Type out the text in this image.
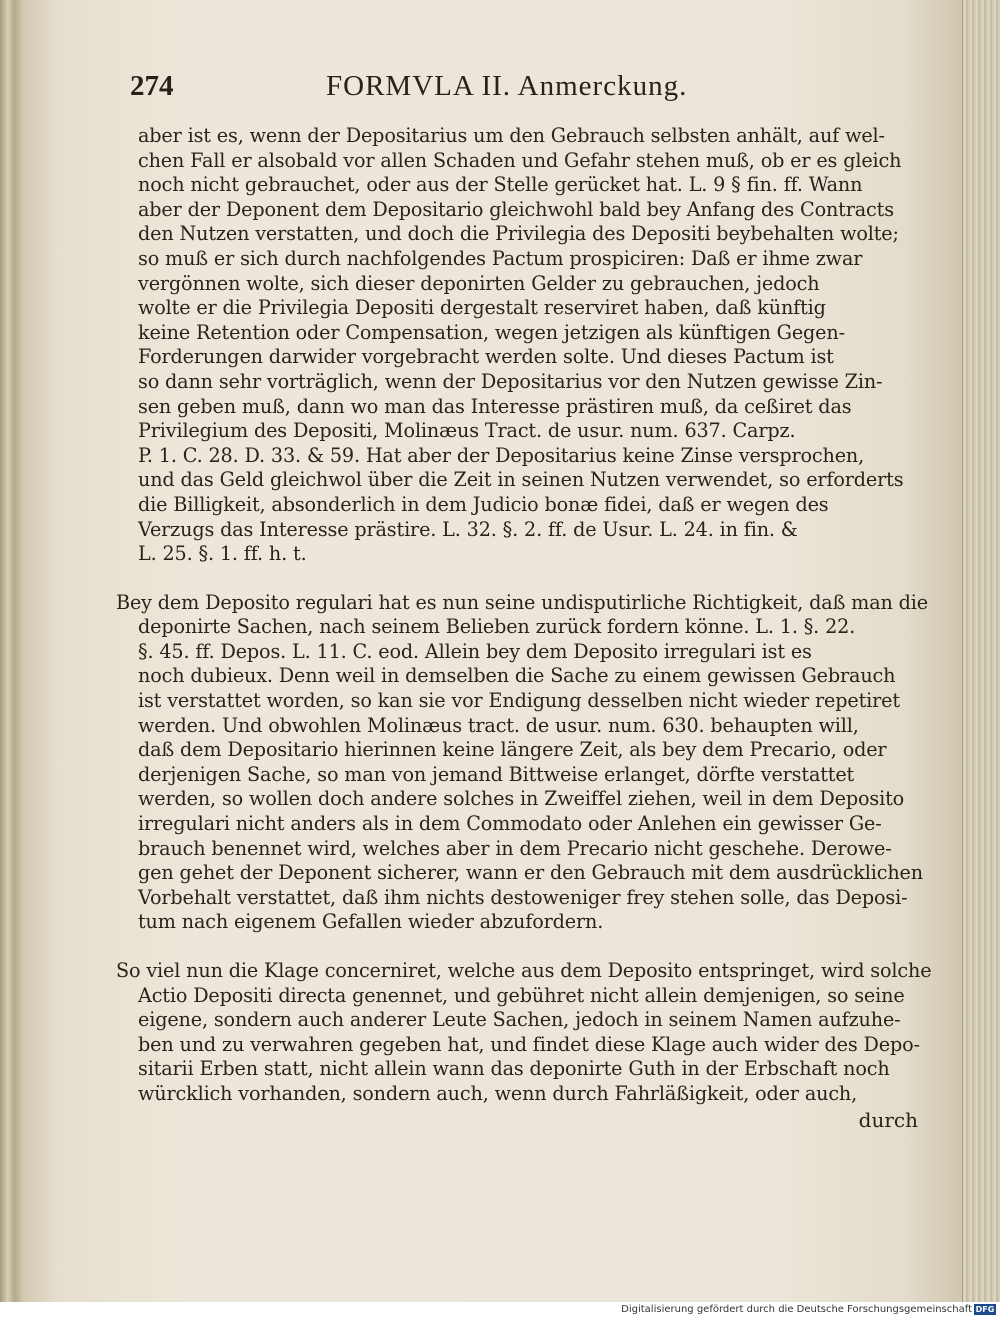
274	FORMVLA II. Anmerckung.
aber ist es, wenn der Depositarius um den Gebrauch selbsten anhält, auf wel-
chen Fall er alsobald vor allen Schaden und Gefahr stehen muß, ob er es gleich
noch nicht gebrauchet, oder aus der Stelle gerücket hat. L. 9 § fin. ff. Wann
aber der Deponent dem Depositario gleichwohl bald bey Anfang des Contracts
den Nutzen verstatten, und doch die Privilegia des Depositi beybehalten wolte;
so muß er sich durch nachfolgendes Pactum prospiciren: Daß er ihme zwar
vergönnen wolte, sich dieser deponirten Gelder zu gebrauchen, jedoch
wolte er die Privilegia Depositi dergestalt reserviret haben, daß künftig
keine Retention oder Compensation, wegen jetzigen als künftigen Gegen-
Forderungen darwider vorgebracht werden solte. Und dieses Pactum ist
so dann sehr vorträglich, wenn der Depositarius vor den Nutzen gewisse Zin-
sen geben muß, dann wo man das Interesse prästiren muß, da ceßiret das
Privilegium des Depositi, Molinæus Tract. de usur. num. 637. Carpz.
P. 1. C. 28. D. 33. & 59. Hat aber der Depositarius keine Zinse versprochen,
und das Geld gleichwol über die Zeit in seinen Nutzen verwendet, so erforderts
die Billigkeit, absonderlich in dem Judicio bonæ fidei, daß er wegen des
Verzugs das Interesse prästire. L. 32. §. 2. ff. de Usur. L. 24. in fin. &
L. 25. §. 1. ff. h. t.
Bey dem Deposito regulari hat es nun seine undisputirliche Richtigkeit, daß man die
deponirte Sachen, nach seinem Belieben zurück fordern könne. L. 1. §. 22.
§. 45. ff. Depos. L. 11. C. eod. Allein bey dem Deposito irregulari ist es
noch dubieux. Denn weil in demselben die Sache zu einem gewissen Gebrauch
ist verstattet worden, so kan sie vor Endigung desselben nicht wieder repetiret
werden. Und obwohlen Molinæus tract. de usur. num. 630. behaupten will,
daß dem Depositario hierinnen keine längere Zeit, als bey dem Precario, oder
derjenigen Sache, so man von jemand Bittweise erlanget, dörfte verstattet
werden, so wollen doch andere solches in Zweiffel ziehen, weil in dem Deposito
irregulari nicht anders als in dem Commodato oder Anlehen ein gewisser Ge-
brauch benennet wird, welches aber in dem Precario nicht geschehe. Derowe-
gen gehet der Deponent sicherer, wann er den Gebrauch mit dem ausdrücklichen
Vorbehalt verstattet, daß ihm nichts destoweniger frey stehen solle, das Deposi-
tum nach eigenem Gefallen wieder abzufordern.
So viel nun die Klage concerniret, welche aus dem Deposito entspringet, wird solche
Actio Depositi directa genennet, und gebühret nicht allein demjenigen, so seine
eigene, sondern auch anderer Leute Sachen, jedoch in seinem Namen aufzuhe-
ben und zu verwahren gegeben hat, und findet diese Klage auch wider des Depo-
sitarii Erben statt, nicht allein wann das deponirte Guth in der Erbschaft noch
würcklich vorhanden, sondern auch, wenn durch Fahrläßigkeit, oder auch,
durch
Digitalisierung gefördert durch die Deutsche Forschungsgemeinschaft DFG
